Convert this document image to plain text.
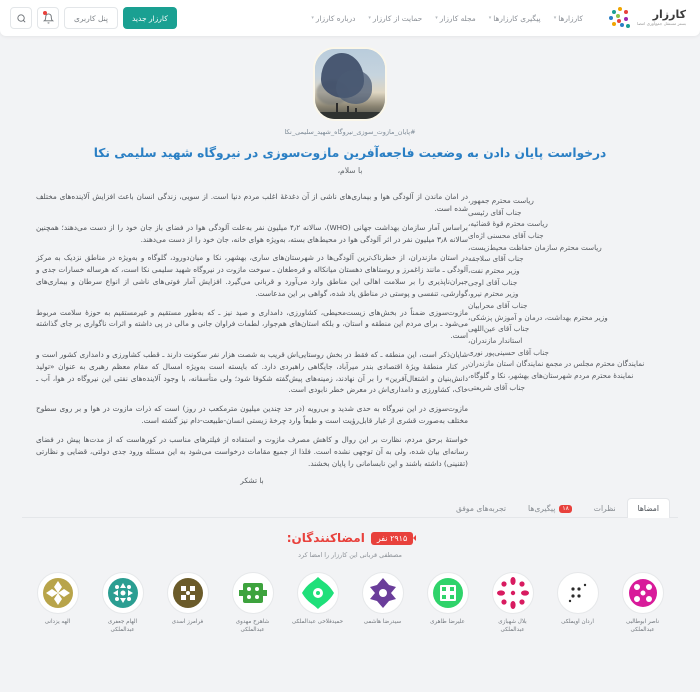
کارزار
بستر مستقل جمع‌آوری امضا
کارزارها
▾
پیگیری کارزارها
▾
مجله کارزار
▾
حمایت از کارزار
▾
درباره کارزار
▾
کارزار جدید
پنل کاربری
#پایان_مازوت_سوزی_نیروگاه_شهید_سلیمی_نکا
درخواست پایان دادن به وضعیت فاجعه‌آفرین مازوت‌سوزی در نیروگاه شهید سلیمی نکا
با سلام،
ریاست محترم جمهور،
جناب آقای رئیسی
ریاست محترم قوهٔ قضائیه،
جناب آقای محسنی اژه‌ای
ریاست محترم سازمان حفاظت محیط‌زیست،
جناب آقای سلاجقه
وزیر محترم نفت،
جناب آقای اوجی
وزیر محترم نیرو،
جناب آقای محرابیان
وزیر محترم بهداشت، درمان و آموزش پزشکی،
جناب آقای عین‌اللهی
استاندار مازندران،
جناب آقای حسینی‌پور نوری
نمایندگان محترم مجلس در مجمع نمایندگان استان مازندران
نمایندهٔ محترم مردم شهرستان‌های بهشهر، نکا و گلوگاه،
جناب آقای شریعتی
در امان ماندن از آلودگی هوا و بیماری‌های ناشی از آن دغدغهٔ اغلب مردم دنیا است. از سویی، زندگی انسان باعث افزایش آلاینده‌های مختلف شده است.
براساس آمار سازمان بهداشت جهانی (WHO)، سالانه ۴٫۲ میلیون نفر به‌علت آلودگی هوا در فضای باز جان خود را از دست می‌دهند؛ همچنین سالانه ۳٫۸ میلیون نفر در اثر آلودگی هوا در محیط‌های بسته، به‌ویژه هوای خانه، جان خود را از دست می‌دهند.
در استان مازندران، از خطرناک‌ترین آلودگی‌ها در شهرستان‌های ساری، بهشهر، نکا و میان‌دورود، گلوگاه و به‌ویژه در مناطق نزدیک به مرکز آلودگی ـ مانند زاغمرز و روستاهای دهستان میانکاله و قره‌طغان ـ سوخت مازوت در نیروگاه شهید سلیمی نکا است، که هرساله خسارات جدی و جبران‌ناپذیری را بر سلامت اهالی این مناطق وارد می‌آورد و قربانی می‌گیرد. افزایش آمار فوتی‌های ناشی از انواع سرطان و بیماری‌های گوارشی، تنفسی و پوستی در مناطق یاد شده، گواهی بر این مدعاست.
مازوت‌سوزی ضمناً در بخش‌های زیست‌محیطی، کشاورزی، دامداری و صید نیز ـ که به‌طور مستقیم و غیرمستقیم به حوزهٔ سلامت مربوط می‌شود ـ برای مردم این منطقه و استان، و بلکه استان‌های هم‌جوار، لطمات فراوان جانی و مالی در پی داشته و اثرات ناگواری بر جای گذاشته است.
شایان‌ذکر است، این منطقه ـ که فقط در بخش روستایی‌اش قریب به شصت هزار نفر سکونت دارند ـ قطب کشاورزی و دامداری کشور است و در کنار منطقهٔ ویژهٔ اقتصادی بندر میرآباد، جایگاهی راهبردی دارد. که بایسته است به‌ویژه امسال که مقام معظم رهبری به عنوان «تولید دانش‌بنیان و اشتغال‌آفرین» را بر آن نهادند، زمینه‌های پیش‌گفته شکوفا شود؛ ولی متأسفانه، با وجود آلاینده‌های نفتی این نیروگاه در هوا، آب ـ خاک، کشاورزی و دامداری‌اش در معرض خطر نابودی است.
مازوت‌سوزی در این نیروگاه به حدی شدید و بی‌رویه (در حد چندین میلیون مترمکعب در روز) است که ذرات مازوت در هوا و بر روی سطوح مختلف به‌صورت قشری از غبار قابل‌رؤیت است و طبعاً وارد چرخهٔ زیستی انسان-طبیعت-دام نیز گشته است.
خواستهٔ برحق مردم، نظارت بر این روال و کاهش مصرف مازوت و استفاده از فیلترهای مناسب در کورهاست که از مدت‌ها پیش در فضای رسانه‌ای بیان شده، ولی به آن توجهی نشده است. فلذا از جمیع مقامات درخواست می‌شود به این مسئله ورود جدی دولتی، قضایی و نظارتی (تقنینی) داشته باشند و این نابسامانی را پایان بخشند.
با تشکر
امضاها
نظرات
۱۸
پیگیری‌ها
تجربه‌های موفق
۲۹۱۵ نفر
امضاکنندگان:
مصطفی قربانی این کارزار را امضا کرد
ناصر ابوطالبی عبدالملکی
اردان اویملکی
بلال شهبازی عبدالملکی
علیرضا طاهری
سیدرضا هاشمی
حمیدفلاحی عبدالملکی
شاهرخ مهدوی عبدالملکی
فرامرز اسدی
الهام جعفری عبدالملکی
الهه یزدانی
